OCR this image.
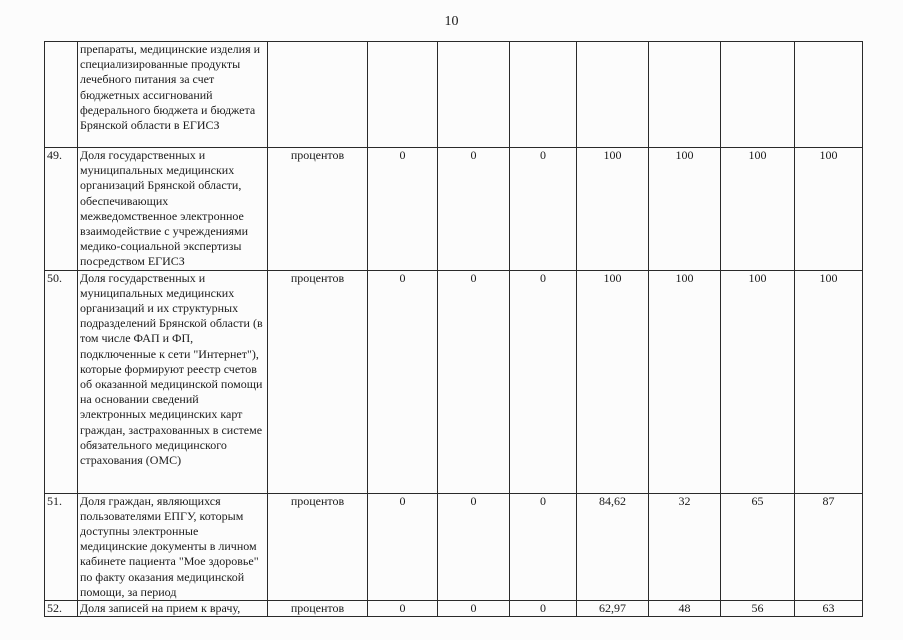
10
	препараты, медицинские изделия и специализированные продукты лечебного питания за счет бюджетных ассигнований федерального бюджета и бюджета Брянской области в ЕГИСЗ								
49.	Доля государственных и муниципальных медицинских организаций Брянской области, обеспечивающих межведомственное электронное взаимодействие с учреждениями медико-социальной экспертизы посредством ЕГИСЗ	процентов	0	0	0	100	100	100	100
50.	Доля государственных и муниципальных медицинских организаций и их структурных подразделений Брянской области (в том числе ФАП и ФП, подключенные к сети "Интернет"), которые формируют реестр счетов об оказанной медицинской помощи на основании сведений электронных медицинских карт граждан, застрахованных в системе обязательного медицинского страхования (ОМС)	процентов	0	0	0	100	100	100	100
51.	Доля граждан, являющихся пользователями ЕПГУ, которым доступны электронные медицинские документы в личном кабинете пациента "Мое здоровье" по факту оказания медицинской помощи, за период	процентов	0	0	0	84,62	32	65	87
52.	Доля записей на прием к врачу,	процентов	0	0	0	62,97	48	56	63
